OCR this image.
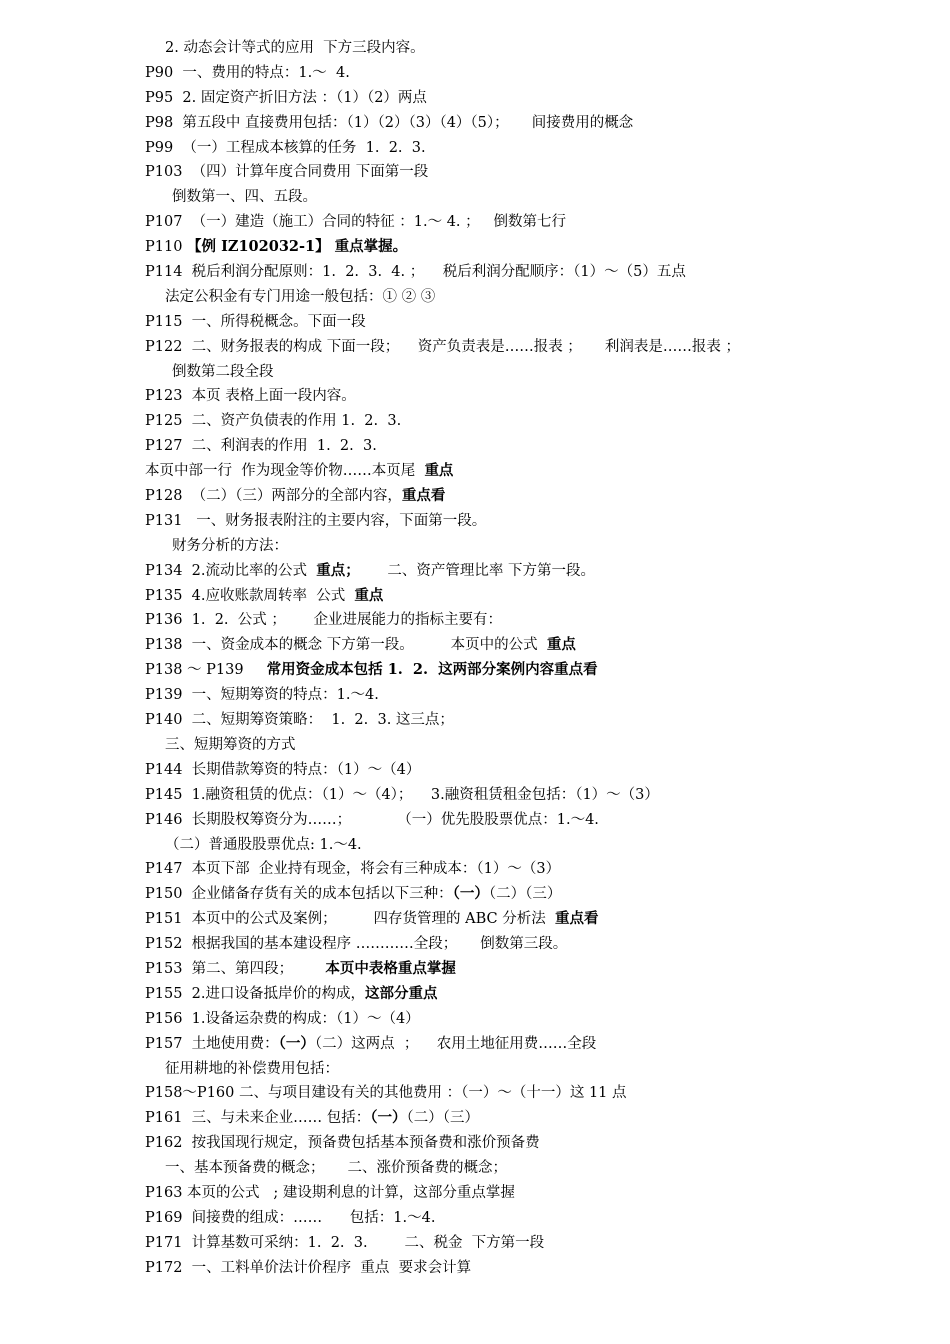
2. 动态会计等式的应用  下方三段内容。
P90  一、费用的特点：1.～  4.
P95  2. 固定资产折旧方法 ：（1）（2）两点
P98  第五段中 直接费用包括：（1）（2）（3）（4）（5）；     间接费用的概念
P99  （一）工程成本核算的任务  1.  2.  3.
P103  （四）计算年度合同费用 下面第一段
倒数第一、四、五段。
P107  （一）建造（施工）合同的特征 ：1.～ 4. ；   倒数第七行
P110 【例 IZ102032-1】 重点掌握。
P114  税后利润分配原则：1.  2.  3.  4. ；    税后利润分配顺序：（1）～（5）五点
法定公积金有专门用途一般包括：① ② ③
P115  一、所得税概念。下面一段
P122  二、财务报表的构成 下面一段；    资产负责表是……报表 ；     利润表是……报表 ；
倒数第二段全段
P123  本页 表格上面一段内容。
P125  二、资产负债表的作用 1.  2.  3.
P127  二、利润表的作用  1.  2.  3.
本页中部一行  作为现金等价物……本页尾  重点
P128  （二）（三）两部分的全部内容，重点看
P131   一、财务报表附注的主要内容，下面第一段。
财务分析的方法：
P134  2.流动比率的公式  重点；      二、资产管理比率 下方第一段。
P135  4.应收账款周转率  公式  重点
P136  1.  2.  公式 ；      企业进展能力的指标主要有：
P138  一、资金成本的概念 下方第一段。        本页中的公式  重点
P138 ～ P139     常用资金成本包括 1.  2.  这两部分案例内容重点看
P139  一、短期筹资的特点：1.～4.
P140  二、短期筹资策略：  1.  2.  3. 这三点；
三、短期筹资的方式
P144  长期借款筹资的特点：（1）～（4）
P145  1.融资租赁的优点：（1）～（4）；    3.融资租赁租金包括：（1）～（3）
P146  长期股权筹资分为……；          （一）优先股股票优点：1.～4.
（二）普通股股票优点: 1.～4.
P147  本页下部  企业持有现金，将会有三种成本：（1）～（3）
P150  企业储备存货有关的成本包括以下三种：（一）（二）（三）
P151  本页中的公式及案例；        四存货管理的 ABC 分析法  重点看
P152  根据我国的基本建设程序 …………全段；     倒数第三段。
P153  第二、第四段；       本页中表格重点掌握
P155  2.进口设备抵岸价的构成，这部分重点
P156  1.设备运杂费的构成：（1）～（4）
P157  土地使用费：（一）（二）这两点  ；    农用土地征用费……全段
征用耕地的补偿费用包括：
P158～P160 二、与项目建设有关的其他费用 ：（一）～（十一）这 11 点
P161  三、与未来企业…… 包括：（一）（二）（三）
P162  按我国现行规定，预备费包括基本预备费和涨价预备费
一、基本预备费的概念；     二、涨价预备费的概念；
P163 本页的公式   ; 建设期利息的计算，这部分重点掌握
P169  间接费的组成：……      包括：1.～4.
P171  计算基数可采纳：1.  2.  3.        二、税金  下方第一段
P172  一、工料单价法计价程序  重点  要求会计算
